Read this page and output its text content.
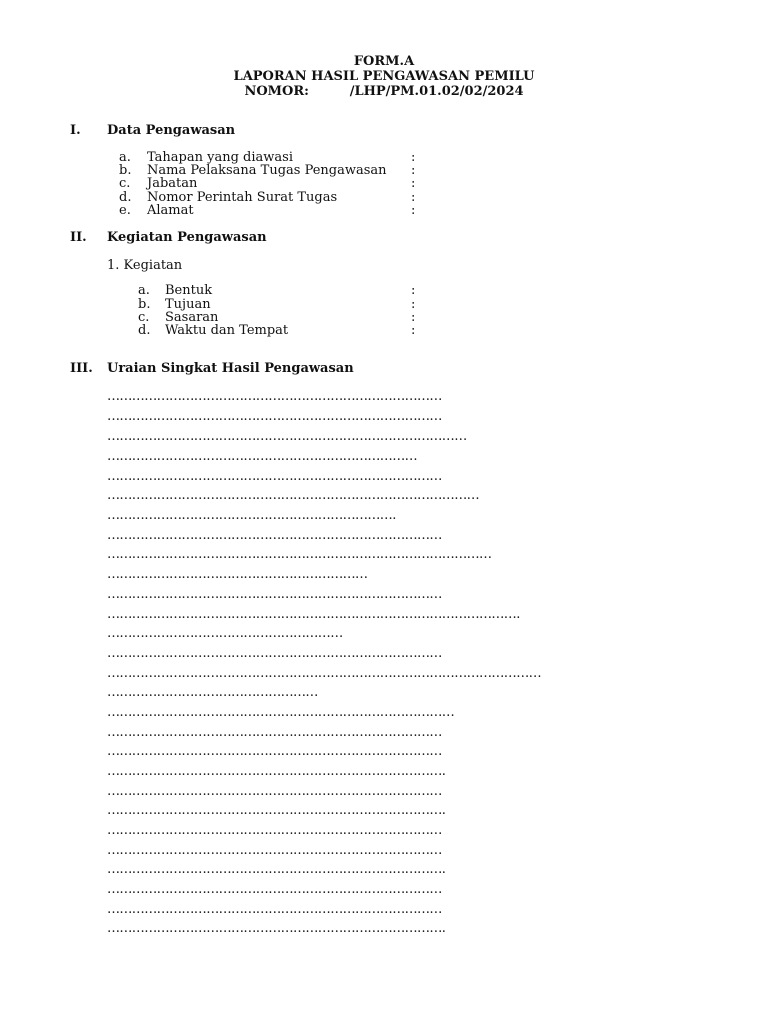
FORM.A
LAPORAN HASIL PENGAWASAN PEMILU
NOMOR:         /LHP/PM.01.02/02/2024
I. Data Pengawasan
a. Tahapan yang diawasi	:
b. Nama Pelaksana Tugas Pengawasan :
c. Jabatan	:
d. Nomor Perintah Surat Tugas	:
e. Alamat	:
II. Kegiatan Pengawasan
1. Kegiatan
a. Bentuk	:
b. Tujuan	:
c. Sasaran	:
d. Waktu dan Tempat	:
III. Uraian Singkat Hasil Pengawasan
………………………………………………………………………
………………………………………………………………………
……………………………………………………………………………
…………………………………………………………………
………………………………………………………………………
………………………………………………………………………………
…………………………………………………………….
………………………………………………………………………
…………………………………………………………………………………
………………………………………………………
………………………………………………………………………
……………………………………………………………………………………….
…………………………………………………
………………………………………………………………………
……………………………………………………………………………………………
……………………………………………
…………………………………………………………………………
………………………………………………………………………
………………………………………………………………………
……………………………………………………………………….
………………………………………………………………………
……………………………………………………………………….
………………………………………………………………………
………………………………………………………………………
……………………………………………………………………….
………………………………………………………………………
………………………………………………………………………
……………………………………………………………………….
